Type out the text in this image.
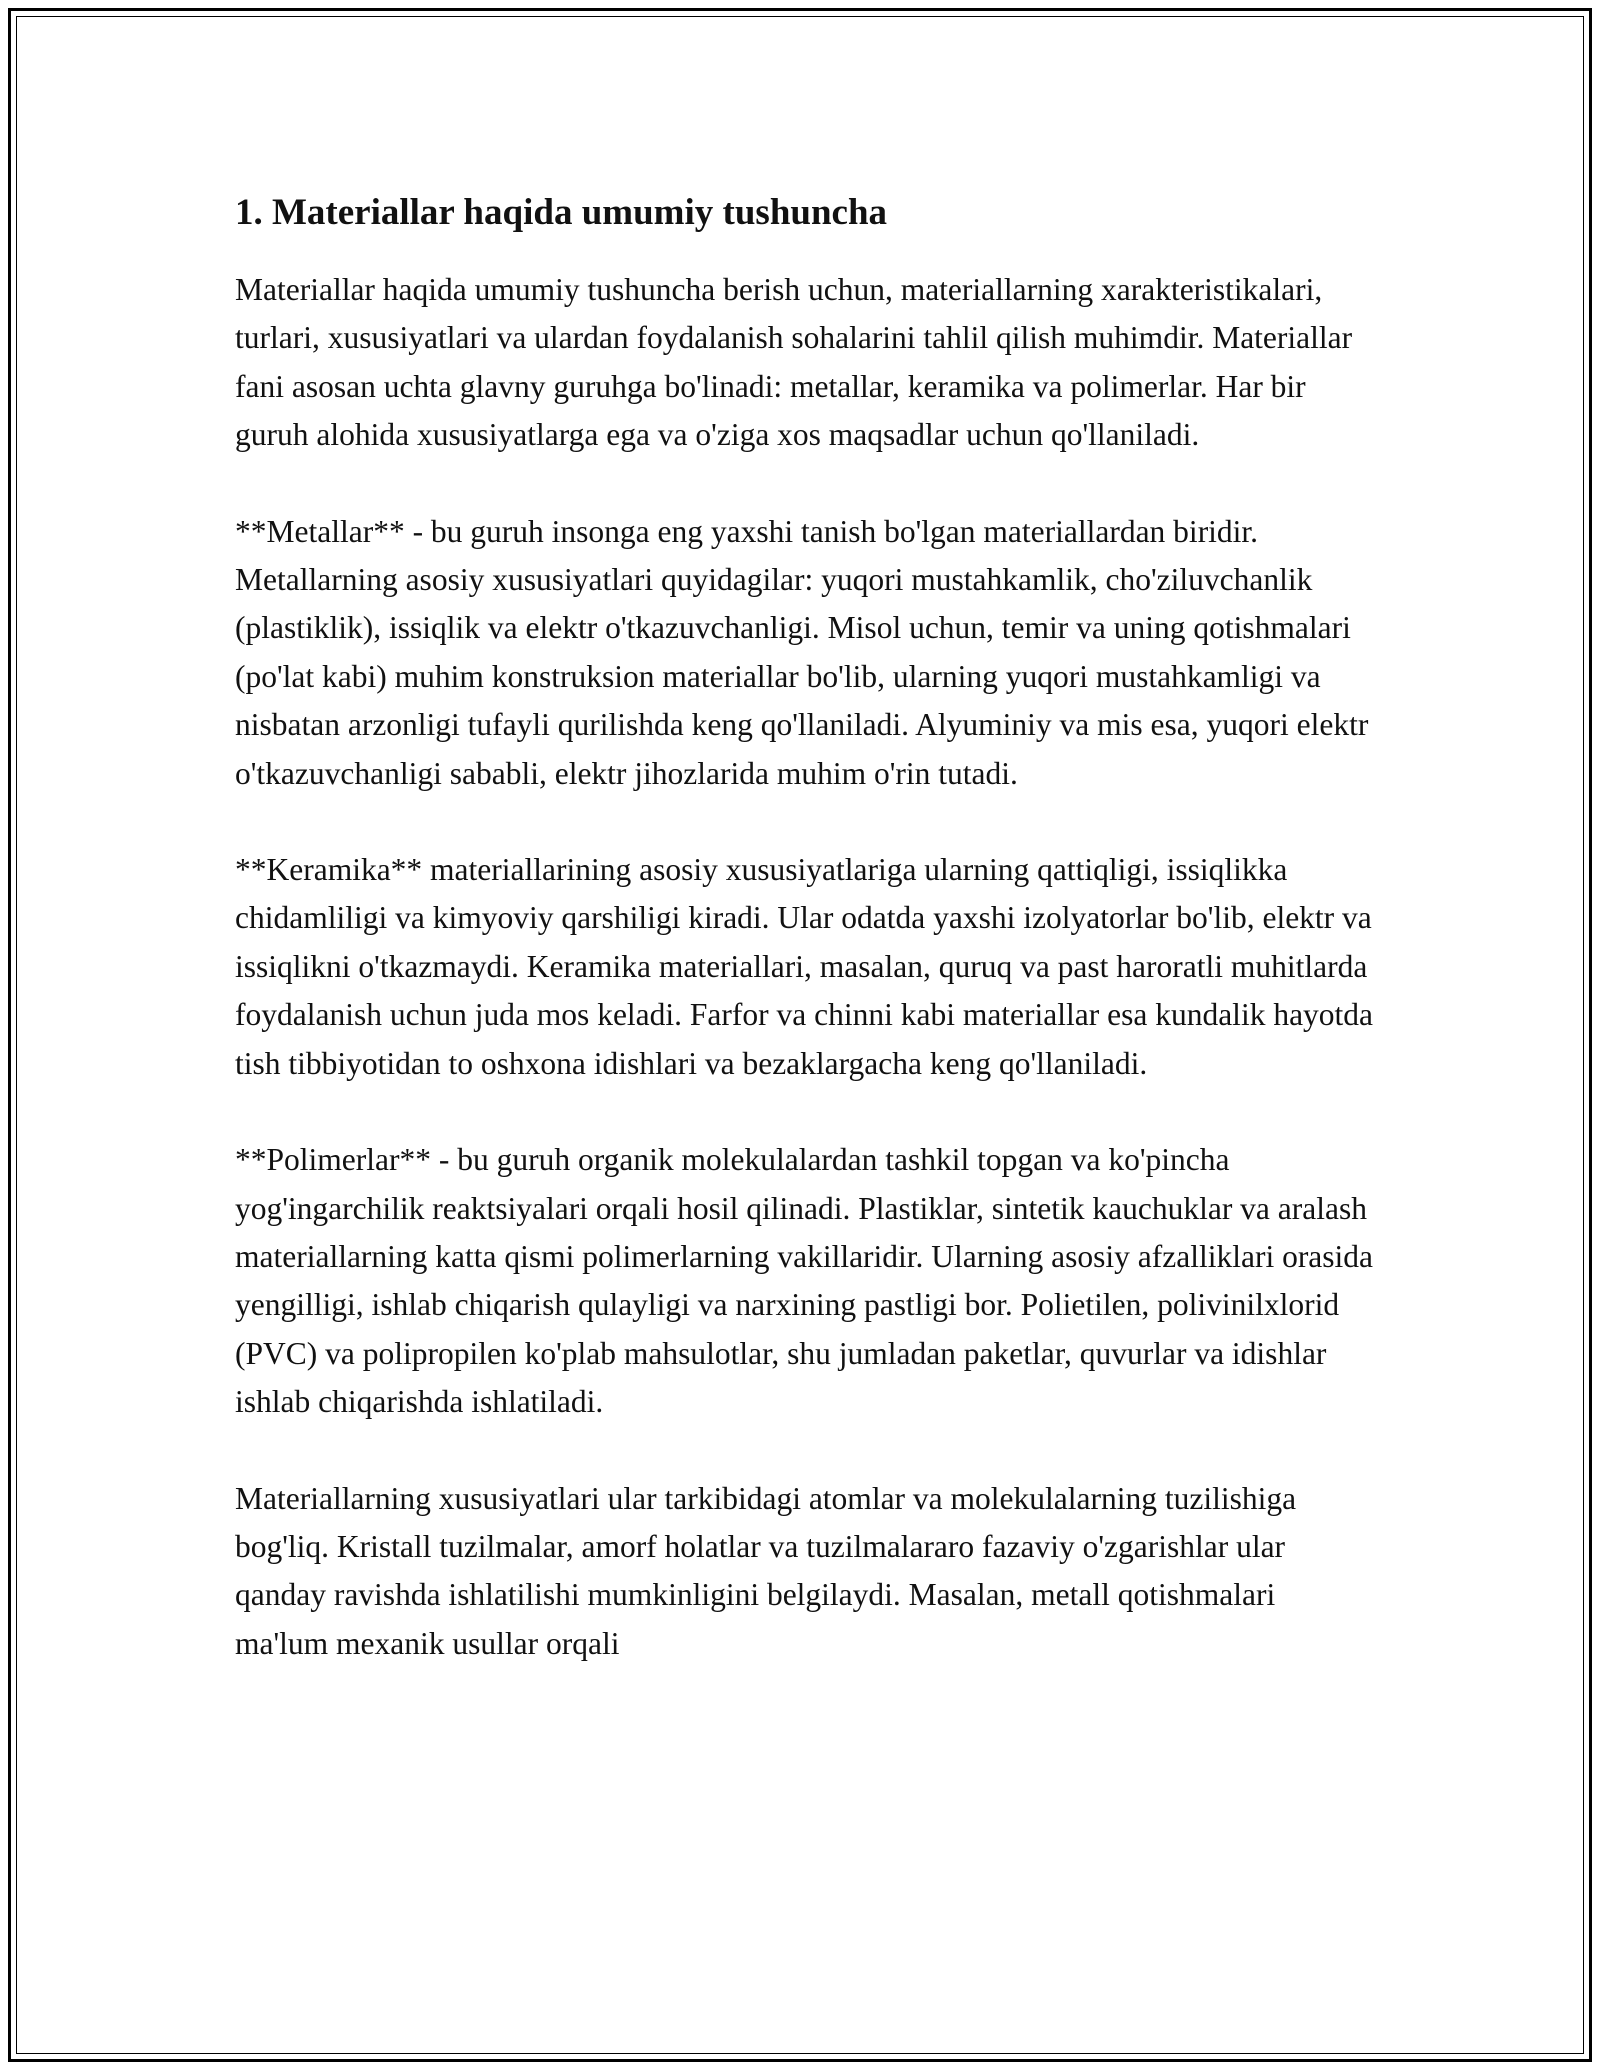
1. Materiallar haqida umumiy tushuncha

Materiallar haqida umumiy tushuncha berish uchun, materiallarning xarakteristikalari, turlari, xususiyatlari va ulardan foydalanish sohalarini tahlil qilish muhimdir. Materiallar fani asosan uchta glavny guruhga bo'linadi: metallar, keramika va polimerlar. Har bir guruh alohida xususiyatlarga ega va o'ziga xos maqsadlar uchun qo'llaniladi.

**Metallar** - bu guruh insonga eng yaxshi tanish bo'lgan materiallardan biridir. Metallarning asosiy xususiyatlari quyidagilar: yuqori mustahkamlik, cho'ziluvchanlik (plastiklik), issiqlik va elektr o'tkazuvchanligi. Misol uchun, temir va uning qotishmalari (po'lat kabi) muhim konstruksion materiallar bo'lib, ularning yuqori mustahkamligi va nisbatan arzonligi tufayli qurilishda keng qo'llaniladi. Alyuminiy va mis esa, yuqori elektr o'tkazuvchanligi sababli, elektr jihozlarida muhim o'rin tutadi.

**Keramika** materiallarining asosiy xususiyatlariga ularning qattiqligi, issiqlikka chidamliligi va kimyoviy qarshiligi kiradi. Ular odatda yaxshi izolyatorlar bo'lib, elektr va issiqlikni o'tkazmaydi. Keramika materiallari, masalan, quruq va past haroratli muhitlarda foydalanish uchun juda mos keladi. Farfor va chinni kabi materiallar esa kundalik hayotda tish tibbiyotidan to oshxona idishlari va bezaklargacha keng qo'llaniladi.

**Polimerlar** - bu guruh organik molekulalardan tashkil topgan va ko'pincha yog'ingarchilik reaktsiyalari orqali hosil qilinadi. Plastiklar, sintetik kauchuklar va aralash materiallarning katta qismi polimerlarning vakillaridir. Ularning asosiy afzalliklari orasida yengilligi, ishlab chiqarish qulayligi va narxining pastligi bor. Polietilen, polivinilxlorid (PVC) va polipropilen ko'plab mahsulotlar, shu jumladan paketlar, quvurlar va idishlar ishlab chiqarishda ishlatiladi.

Materiallarning xususiyatlari ular tarkibidagi atomlar va molekulalarning tuzilishiga bog'liq. Kristall tuzilmalar, amorf holatlar va tuzilmalararo fazaviy o'zgarishlar ular qanday ravishda ishlatilishi mumkinligini belgilaydi. Masalan, metall qotishmalari ma'lum mexanik usullar orqali
